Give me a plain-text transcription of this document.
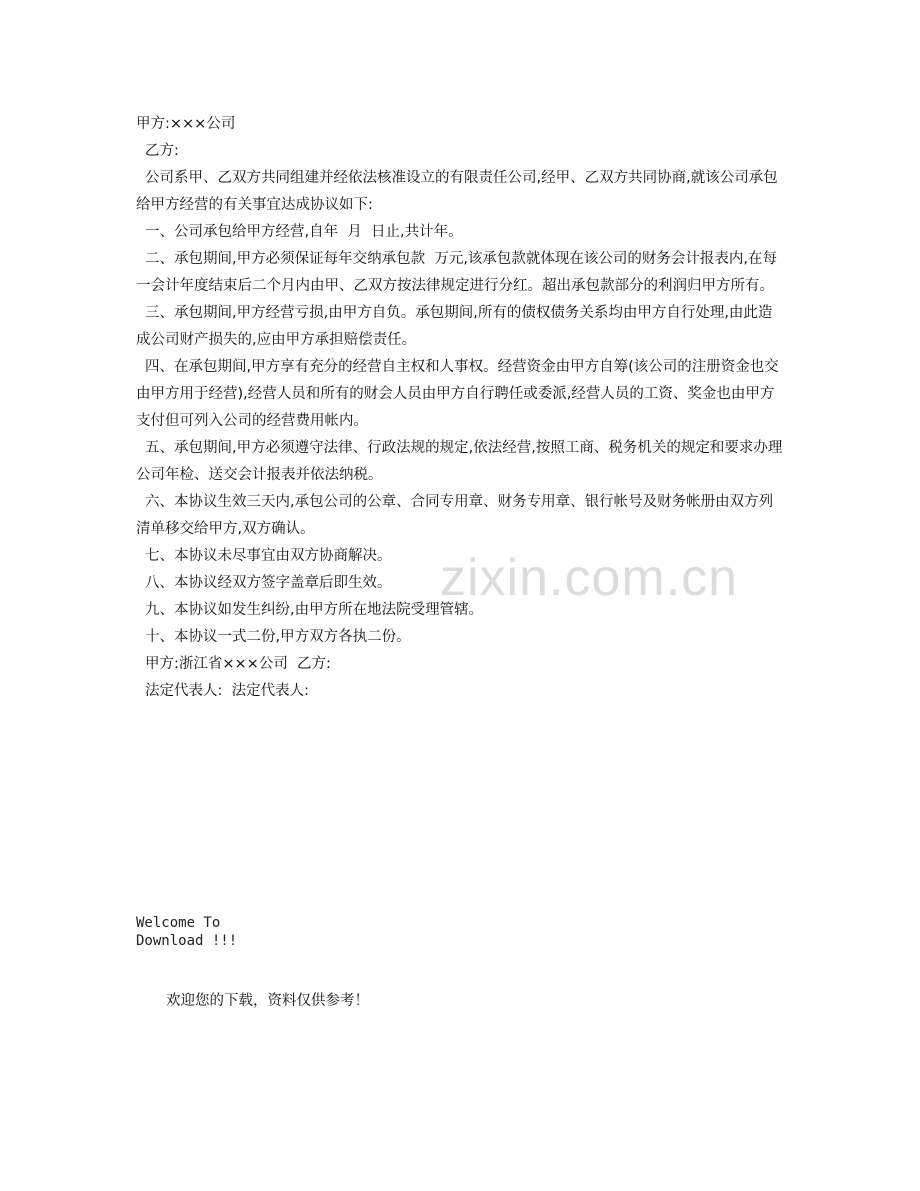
zixin.com.cn

甲方:×××公司

乙方:

公司系甲、乙双方共同组建并经依法核准设立的有限责任公司,经甲、乙双方共同协商,就该公司承包给甲方经营的有关事宜达成协议如下:

一、公司承包给甲方经营,自年  月  日止,共计年。

二、承包期间,甲方必须保证每年交纳承包款  万元,该承包款就体现在该公司的财务会计报表内,在每一会计年度结束后二个月内由甲、乙双方按法律规定进行分红。超出承包款部分的利润归甲方所有。

三、承包期间,甲方经营亏损,由甲方自负。承包期间,所有的债权债务关系均由甲方自行处理,由此造成公司财产损失的,应由甲方承担赔偿责任。

四、在承包期间,甲方享有充分的经营自主权和人事权。经营资金由甲方自筹(该公司的注册资金也交由甲方用于经营),经营人员和所有的财会人员由甲方自行聘任或委派,经营人员的工资、奖金也由甲方支付但可列入公司的经营费用帐内。

五、承包期间,甲方必须遵守法律、行政法规的规定,依法经营,按照工商、税务机关的规定和要求办理公司年检、送交会计报表并依法纳税。

六、本协议生效三天内,承包公司的公章、合同专用章、财务专用章、银行帐号及财务帐册由双方列清单移交给甲方,双方确认。

七、本协议未尽事宜由双方协商解决。

八、本协议经双方签字盖章后即生效。

九、本协议如发生纠纷,由甲方所在地法院受理管辖。

十、本协议一式二份,甲方双方各执二份。

甲方:浙江省×××公司  乙方:

法定代表人:  法定代表人:

Welcome To
Download !!!
欢迎您的下载，资料仅供参考！
